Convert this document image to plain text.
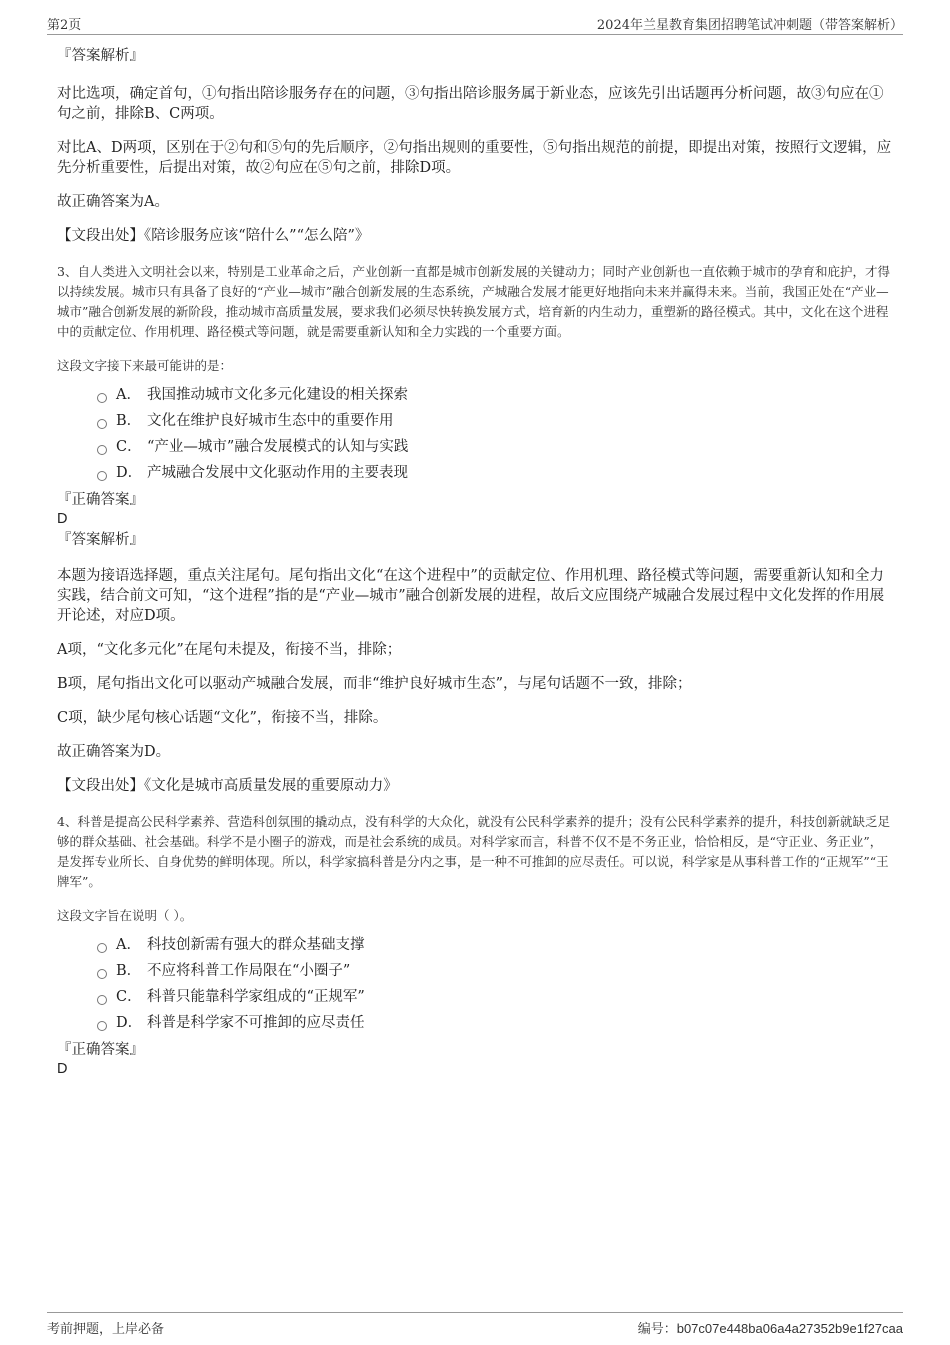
第2页	2024年兰星教育集团招聘笔试冲刺题（带答案解析）

『答案解析』

对比选项，确定首句，①句指出陪诊服务存在的问题，③句指出陪诊服务属于新业态，应该先引出话题再分析问题，故③句应在①句之前，排除B、C两项。

对比A、D两项，区别在于②句和⑤句的先后顺序，②句指出规则的重要性，⑤句指出规范的前提，即提出对策，按照行文逻辑，应先分析重要性，后提出对策，故②句应在⑤句之前，排除D项。

故正确答案为A。

【文段出处】《陪诊服务应该“陪什么”“怎么陪”》

3、自人类进入文明社会以来，特别是工业革命之后，产业创新一直都是城市创新发展的关键动力；同时产业创新也一直依赖于城市的孕育和庇护，才得以持续发展。城市只有具备了良好的“产业—城市”融合创新发展的生态系统，产城融合发展才能更好地指向未来并赢得未来。当前，我国正处在“产业—城市”融合创新发展的新阶段，推动城市高质量发展，要求我们必须尽快转换发展方式，培育新的内生动力，重塑新的路径模式。其中，文化在这个进程中的贡献定位、作用机理、路径模式等问题，就是需要重新认知和全力实践的一个重要方面。

这段文字接下来最可能讲的是：

A． 我国推动城市文化多元化建设的相关探索
B． 文化在维护良好城市生态中的重要作用
C． “产业—城市”融合发展模式的认知与实践
D． 产城融合发展中文化驱动作用的主要表现

『正确答案』

D

『答案解析』

本题为接语选择题，重点关注尾句。尾句指出文化“在这个进程中”的贡献定位、作用机理、路径模式等问题，需要重新认知和全力实践，结合前文可知，“这个进程”指的是“产业—城市”融合创新发展的进程，故后文应围绕产城融合发展过程中文化发挥的作用展开论述，对应D项。

A项，“文化多元化”在尾句未提及，衔接不当，排除；

B项，尾句指出文化可以驱动产城融合发展，而非“维护良好城市生态”，与尾句话题不一致，排除；

C项，缺少尾句核心话题“文化”，衔接不当，排除。

故正确答案为D。

【文段出处】《文化是城市高质量发展的重要原动力》

4、科普是提高公民科学素养、营造科创氛围的撬动点，没有科学的大众化，就没有公民科学素养的提升；没有公民科学素养的提升，科技创新就缺乏足够的群众基础、社会基础。科学不是小圈子的游戏，而是社会系统的成员。对科学家而言，科普不仅不是不务正业，恰恰相反，是“守正业、务正业”，是发挥专业所长、自身优势的鲜明体现。所以，科学家搞科普是分内之事，是一种不可推卸的应尽责任。可以说，科学家是从事科普工作的“正规军”“王牌军”。

这段文字旨在说明（ ）。

A． 科技创新需有强大的群众基础支撑
B． 不应将科普工作局限在“小圈子”
C． 科普只能靠科学家组成的“正规军”
D． 科普是科学家不可推卸的应尽责任

『正确答案』

D

考前押题，上岸必备	编号：b07c07e448ba06a4a27352b9e1f27caa
